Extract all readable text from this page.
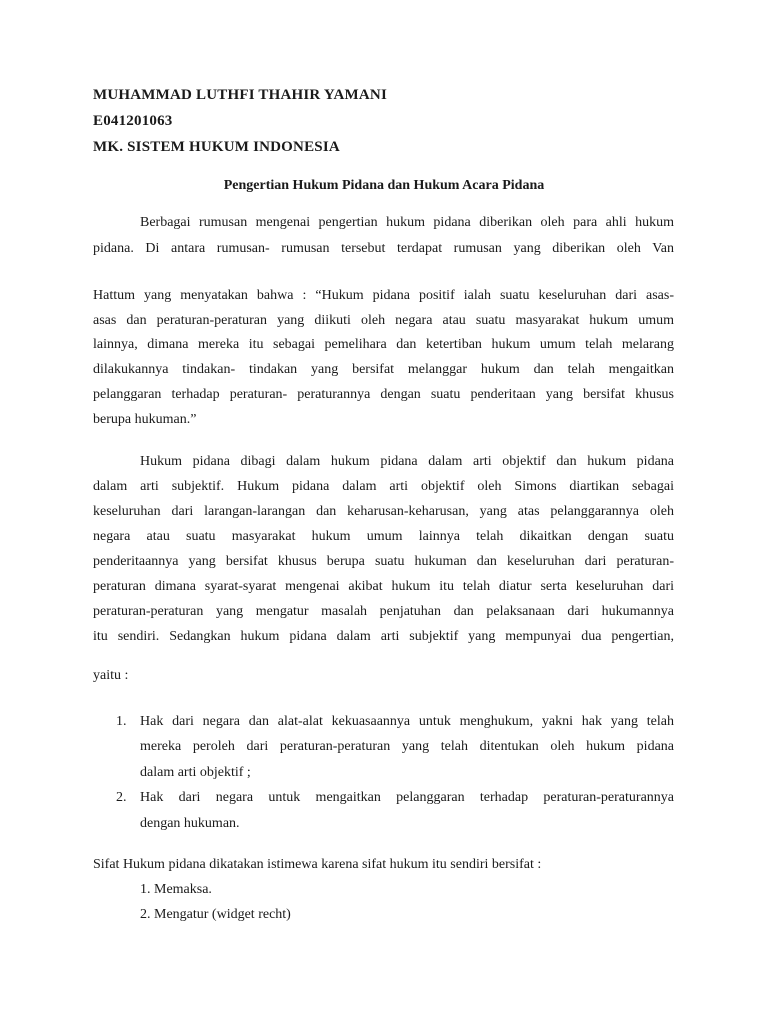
MUHAMMAD LUTHFI THAHIR YAMANI
E041201063
MK. SISTEM HUKUM INDONESIA
Pengertian Hukum Pidana dan Hukum Acara Pidana
Berbagai rumusan mengenai pengertian hukum pidana diberikan oleh para ahli hukum
pidana. Di antara rumusan- rumusan tersebut terdapat rumusan yang diberikan oleh Van
Hattum yang menyatakan bahwa : “Hukum pidana positif ialah suatu keseluruhan dari asas-
asas dan peraturan-peraturan yang diikuti oleh negara atau suatu masyarakat hukum umum
lainnya, dimana mereka itu sebagai pemelihara dan ketertiban hukum umum telah melarang
dilakukannya tindakan- tindakan yang bersifat melanggar hukum dan telah mengaitkan
pelanggaran terhadap peraturan- peraturannya dengan suatu penderitaan yang bersifat khusus
berupa hukuman.”
Hukum pidana dibagi dalam hukum pidana dalam arti objektif dan hukum pidana
dalam arti subjektif. Hukum pidana dalam arti objektif oleh Simons diartikan sebagai
keseluruhan dari larangan-larangan dan keharusan-keharusan, yang atas pelanggarannya oleh
negara atau suatu masyarakat hukum umum lainnya telah dikaitkan dengan suatu
penderitaannya yang bersifat khusus berupa suatu hukuman dan keseluruhan dari peraturan-
peraturan dimana syarat-syarat mengenai akibat hukum itu telah diatur serta keseluruhan dari
peraturan-peraturan yang mengatur masalah penjatuhan dan pelaksanaan dari hukumannya
itu sendiri. Sedangkan hukum pidana dalam arti subjektif yang mempunyai dua pengertian,
yaitu :
1. Hak dari negara dan alat-alat kekuasaannya untuk menghukum, yakni hak yang telah
mereka peroleh dari peraturan-peraturan yang telah ditentukan oleh hukum pidana
dalam arti objektif ;
2. Hak dari negara untuk mengaitkan pelanggaran terhadap peraturan-peraturannya
dengan hukuman.
Sifat Hukum pidana dikatakan istimewa karena sifat hukum itu sendiri bersifat :
1. Memaksa.
2. Mengatur (widget recht)
